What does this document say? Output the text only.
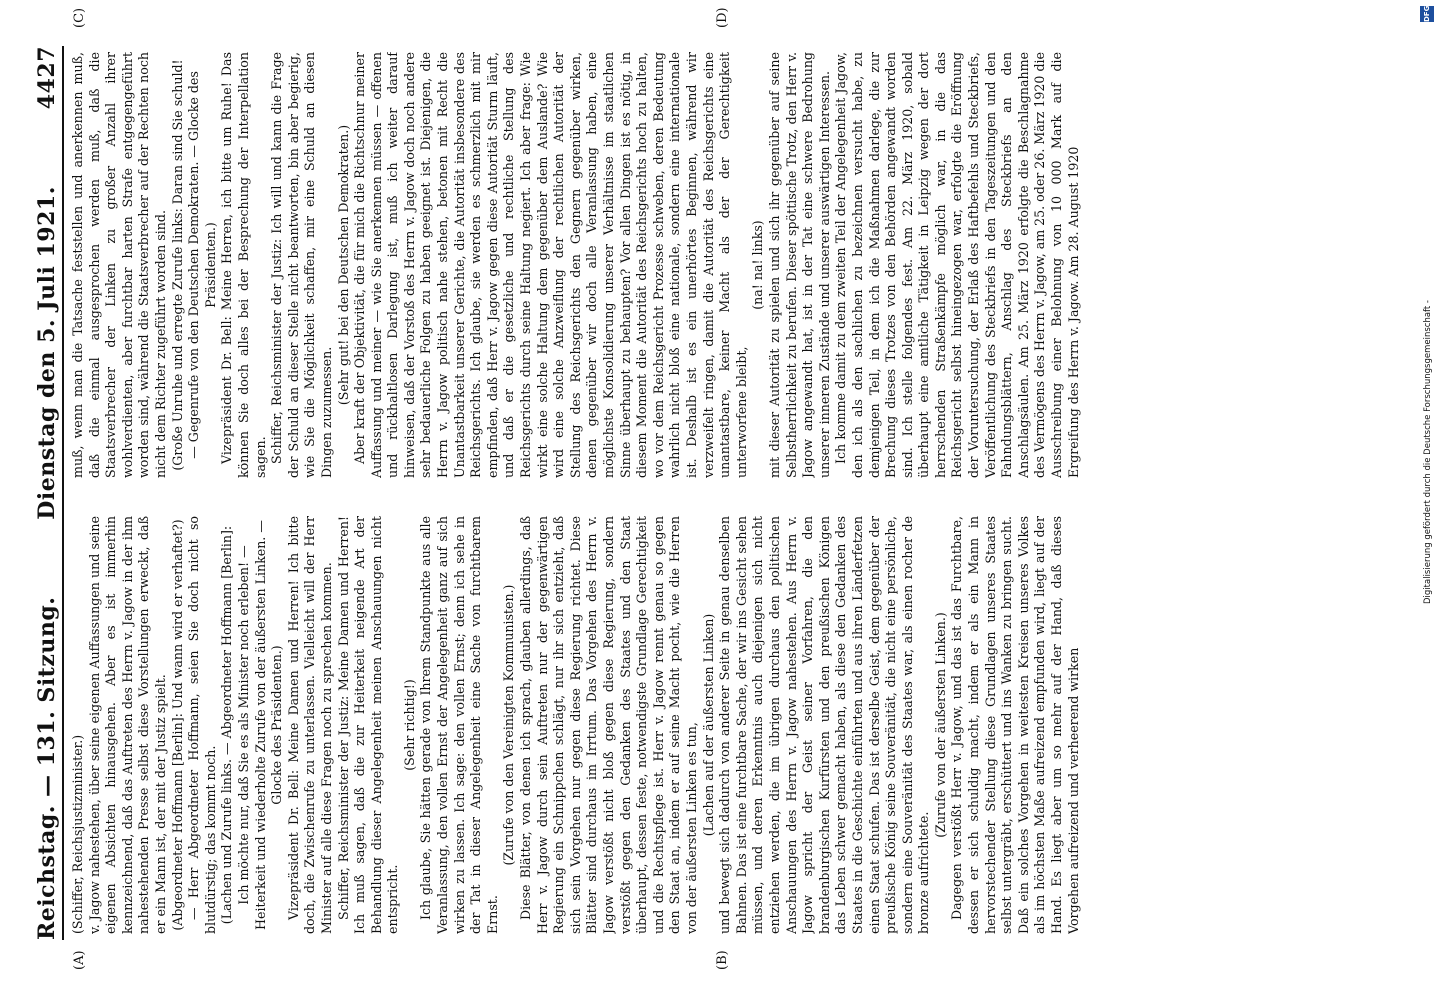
Reichstag. — 131. Sitzung.
Dienstag den 5. Juli 1921.
4427
(A)	(B)
(C)	(D)

(Schiffer, Reichsjustizminister.) v. Jagow nahestehen, über seine eigenen Auffassungen und seine eigenen Absichten hinausgehen. Aber es ist immerhin kennzeichnend, daß das Auftreten des Herrn v. Jagow in der ihm nahestehenden Presse selbst diese Vorstellungen erweckt, daß er ein Mann ist, der mit der Justiz spielt. (Abgeordneter Hoffmann [Berlin]: Und wann wird er verhaftet?) — Herr Abgeordneter Hoffmann, seien Sie doch nicht so blutdürstig; das kommt noch. (Lachen und Zurufe links. — Abgeordneter Hoffmann [Berlin]: Ich möchte nur, daß Sie es als Minister noch erleben! — Heiterkeit und wiederholte Zurufe von der äußersten Linken. — Glocke des Präsidenten.) Vizepräsident Dr. Bell: Meine Damen und Herren! Ich bitte doch, die Zwischenrufe zu unterlassen. Vielleicht will der Herr Minister auf alle diese Fragen noch zu sprechen kommen. Schiffer, Reichsminister der Justiz: Meine Damen und Herren! Ich muß sagen, daß die zur Heiterkeit neigende Art der Behandlung dieser Angelegenheit meinen Anschauungen nicht entspricht.

(Sehr richtig!) Ich glaube, Sie hätten gerade von Ihrem Standpunkte aus alle Veranlassung, den vollen Ernst der Angelegenheit ganz auf sich wirken zu lassen. Ich sage: den vollen Ernst; denn ich sehe in der Tat in dieser Angelegenheit eine Sache von furchtbarem Ernst.

(Zurufe von den Vereinigten Kommunisten.) Diese Blätter, von denen ich sprach, glauben allerdings, daß Herr v. Jagow durch sein Auftreten nur der gegenwärtigen Regierung ein Schnippchen schlägt, nur ihr sich entzieht, daß sich sein Vorgehen nur gegen diese Regierung richtet. Diese Blätter sind durchaus im Irrtum. Das Vorgehen des Herrn v. Jagow verstößt nicht bloß gegen diese Regierung, sondern verstößt gegen den Gedanken des Staates und den Staat überhaupt, dessen feste, notwendigste Grundlage Gerechtigkeit und die Rechtspflege ist. Herr v. Jagow rennt genau so gegen den Staat an, indem er auf seine Macht pocht, wie die Herren von der äußersten Linken es tun, (Lachen auf der äußersten Linken) und bewegt sich dadurch von anderer Seite in genau denselben Bahnen. Das ist eine furchtbare Sache, der wir ins Gesicht sehen müssen, und deren Erkenntnis auch diejenigen sich nicht entziehen werden, die im übrigen durchaus den politischen Anschauungen des Herrn v. Jagow nahestehen. Aus Herrn v. Jagow spricht der Geist seiner Vorfahren, die den brandenburgischen Kurfürsten und den preußischen Königen das Leben schwer gemacht haben, als diese den Gedanken des Staates in die Geschichte einführten und aus ihren Länderfetzen einen Staat schufen. Das ist derselbe Geist, dem gegenüber der preußische König seine Souveränität, die nicht eine persönliche, sondern eine Souveränität des Staates war, als einen rocher de bronze aufrichtete.

(Zurufe von der äußersten Linken.) Dagegen verstößt Herr v. Jagow, und das ist das Furchtbare, dessen er sich schuldig macht, indem er als ein Mann in hervorstechender Stellung diese Grundlagen unseres Staates selbst untergräbt, erschüttert und ins Wanken zu bringen sucht. Daß ein solches Vorgehen in weitesten Kreisen unseres Volkes als im höchsten Maße aufreizend empfunden wird, liegt auf der Hand. Es liegt aber um so mehr auf der Hand, daß dieses Vorgehen aufreizend und verheerend wirken

muß, wenn man die Tatsache feststellen und anerkennen muß, daß die einmal ausgesprochen werden muß, daß die Staatsverbrecher der Linken zu großer Anzahl ihrer wohlverdienten, aber furchtbar harten Strafe entgegengeführt worden sind, während die Staatsverbrecher auf der Rechten noch nicht dem Richter zugeführt worden sind. (Große Unruhe und erregte Zurufe links: Daran sind Sie schuld! — Gegenrufe von den Deutschen Demokraten. — Glocke des Präsidenten.) Vizepräsident Dr. Bell: Meine Herren, ich bitte um Ruhe! Das können Sie doch alles bei der Besprechung der Interpellation sagen. Schiffer, Reichsminister der Justiz: Ich will und kann die Frage der Schuld an dieser Stelle nicht beantworten, bin aber begierig, wie Sie die Möglichkeit schaffen, mir eine Schuld an diesen Dingen zuzumessen.

(Sehr gut! bei den Deutschen Demokraten.) Aber kraft der Objektivität, die für mich die Richtschnur meiner Auffassung und meiner — wie Sie anerkennen müssen — offenen und rückhaltlosen Darlegung ist, muß ich weiter darauf hinweisen, daß der Vorstoß des Herrn v. Jagow doch noch andere sehr bedauerliche Folgen zu haben geeignet ist. Diejenigen, die Herrn v. Jagow politisch nahe stehen, betonen mit Recht die Unantastbarkeit unserer Gerichte, die Autorität insbesondere des Reichsgerichts. Ich glaube, sie werden es schmerzlich mit mir empfinden, daß Herr v. Jagow gegen diese Autorität Sturm läuft, und daß er die gesetzliche und rechtliche Stellung des Reichsgerichts durch seine Haltung negiert. Ich aber frage: Wie wirkt eine solche Haltung dem gegenüber dem Auslande? Wie wird eine solche Anzweiflung der rechtlichen Autorität der Stellung des Reichsgerichts den Gegnern gegenüber wirken, denen gegenüber wir doch alle Veranlassung haben, eine möglichste Konsolidierung unserer Verhältnisse im staatlichen Sinne überhaupt zu behaupten? Vor allen Dingen ist es nötig, in diesem Moment die Autorität des Reichsgerichts hoch zu halten, wo vor dem Reichsgericht Prozesse schweben, deren Bedeutung wahrlich nicht bloß eine nationale, sondern eine internationale ist. Deshalb ist es ein unerhörtes Beginnen, während wir verzweifelt ringen, damit die Autorität des Reichsgerichts eine unantastbare, keiner Macht als der der Gerechtigkeit unterworfene bleibt,

(na! na! links) mit dieser Autorität zu spielen und sich ihr gegenüber auf seine Selbstherrlichkeit zu berufen. Dieser spöttische Trotz, den Herr v. Jagow angewandt hat, ist in der Tat eine schwere Bedrohung unserer inneren Zustände und unserer auswärtigen Interessen. Ich komme damit zu dem zweiten Teil der Angelegenheit Jagow, den ich als den sachlichen zu bezeichnen versucht habe, zu demjenigen Teil, in dem ich die Maßnahmen darlege, die zur Brechung dieses Trotzes von den Behörden angewandt worden sind. Ich stelle folgendes fest. Am 22. März 1920, sobald überhaupt eine amtliche Tätigkeit in Leipzig wegen der dort herrschenden Straßenkämpfe möglich war, in die das Reichsgericht selbst hineingezogen war, erfolgte die Eröffnung der Voruntersuchung, der Erlaß des Haftbefehls und Steckbriefs, Veröffentlichung des Steckbriefs in den Tageszeitungen und den Fahndungsblättern, Anschlag des Steckbriefs an den Anschlagsäulen. Am 25. März 1920 erfolgte die Beschlagnahme des Vermögens des Herrn v. Jagow, am 25. oder 26. März 1920 die Ausschreibung einer Belohnung von 10 000 Mark auf die Ergreifung des Herrn v. Jagow. Am 28. August 1920

DFG
Digitalisierung gefördert durch die Deutsche Forschungsgemeinschaft -
